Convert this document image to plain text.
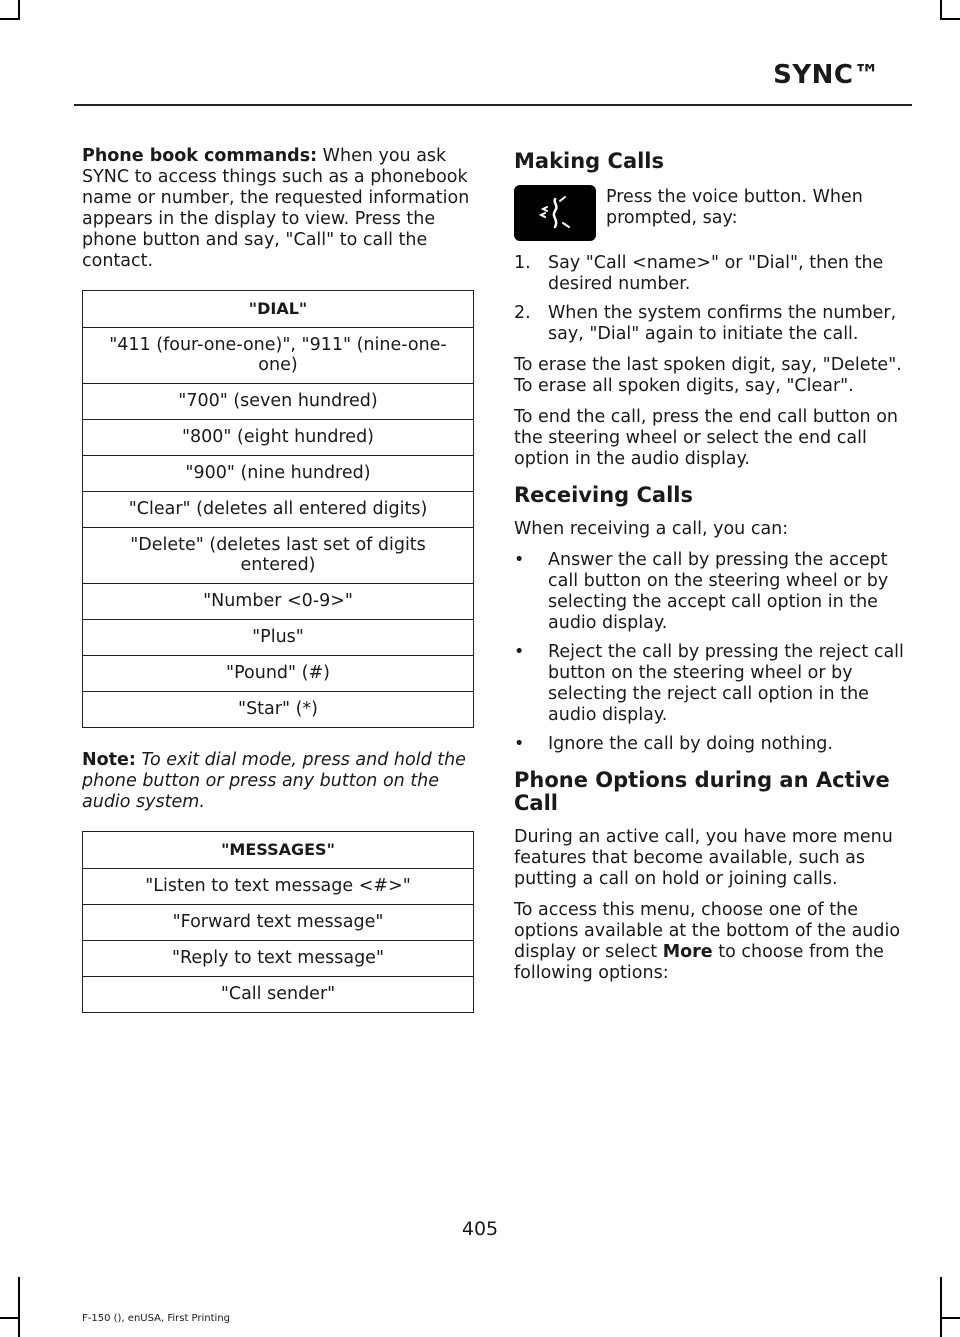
SYNC™

Phone book commands: When you ask SYNC to access things such as a phonebook name or number, the requested information appears in the display to view. Press the phone button and say, "Call" to call the contact.

"DIAL"
"411 (four-one-one)", "911" (nine-one-one)
"700" (seven hundred)
"800" (eight hundred)
"900" (nine hundred)
"Clear" (deletes all entered digits)
"Delete" (deletes last set of digits entered)
"Number <0-9>"
"Plus"
"Pound" (#)
"Star" (*)

Note: To exit dial mode, press and hold the phone button or press any button on the audio system.

"MESSAGES"
"Listen to text message <#>"
"Forward text message"
"Reply to text message"
"Call sender"
Making Calls
Press the voice button. When prompted, say:
1. Say "Call <name>" or "Dial", then the desired number.
2. When the system confirms the number, say, "Dial" again to initiate the call.

To erase the last spoken digit, say, "Delete". To erase all spoken digits, say, "Clear".

To end the call, press the end call button on the steering wheel or select the end call option in the audio display.

Receiving Calls

When receiving a call, you can:

•	Answer the call by pressing the accept call button on the steering wheel or by selecting the accept call option in the audio display.
•	Reject the call by pressing the reject call button on the steering wheel or by selecting the reject call option in the audio display.
•	Ignore the call by doing nothing.
Phone Options during an Active Call

During an active call, you have more menu features that become available, such as putting a call on hold or joining calls.

To access this menu, choose one of the options available at the bottom of the audio display or select More to choose from the following options:

405
F-150 (), enUSA, First Printing
